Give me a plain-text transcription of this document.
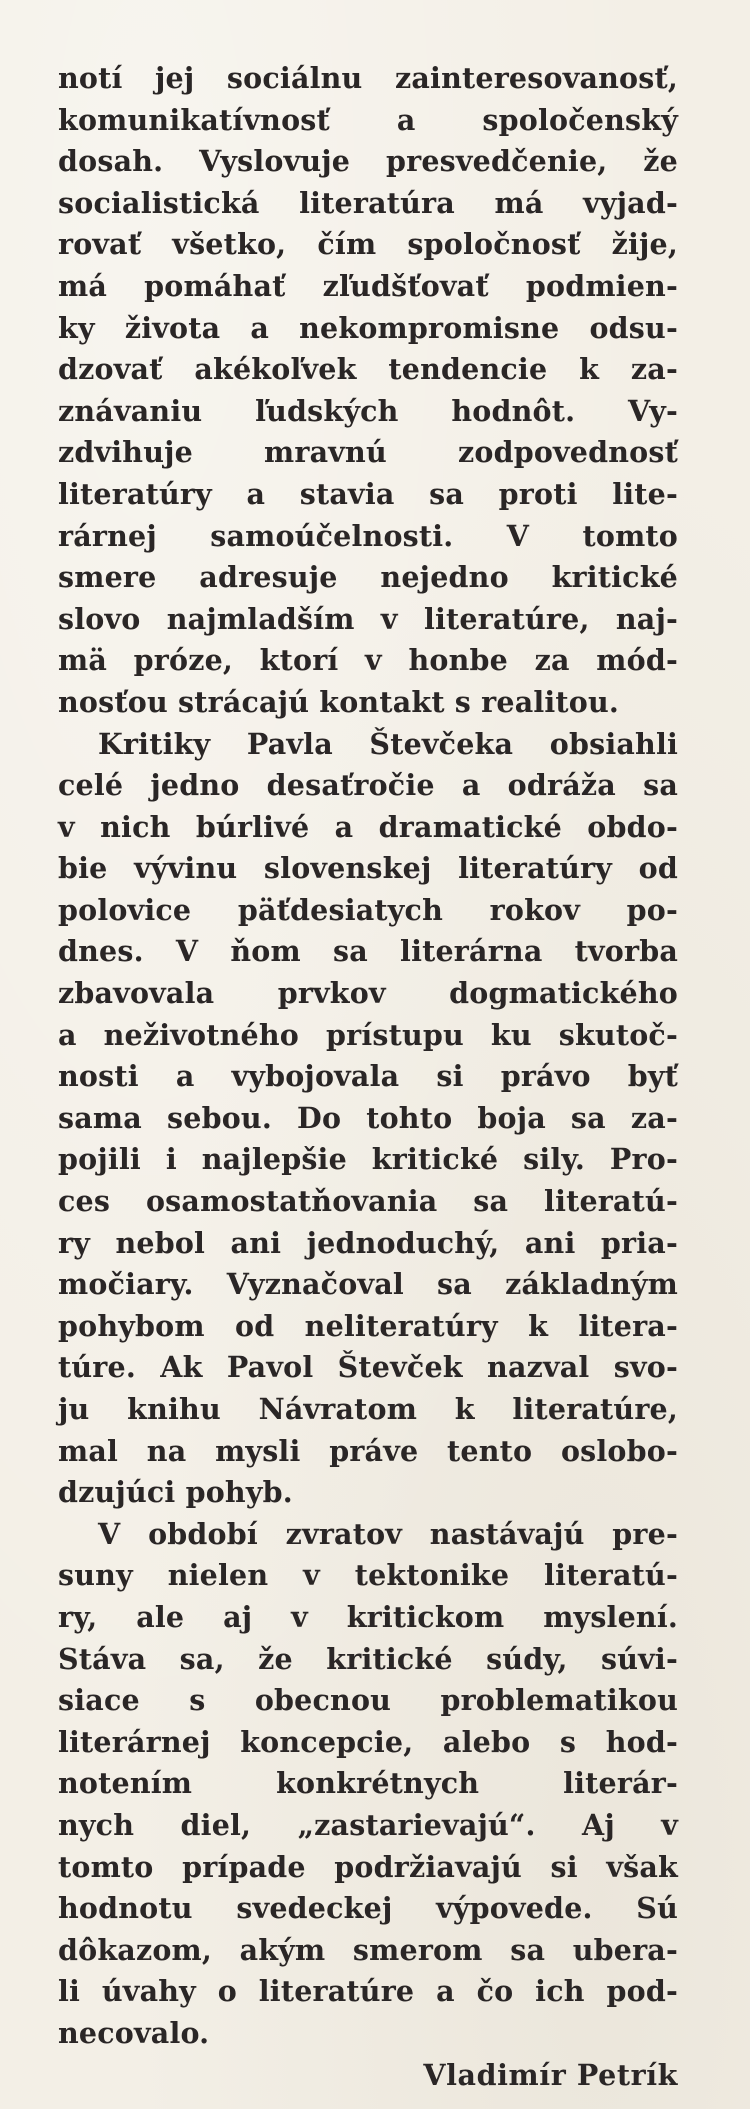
notí jej sociálnu zainteresovanosť,
komunikatívnosť a spoločenský
dosah. Vyslovuje presvedčenie, že
socialistická literatúra má vyjad-
rovať všetko, čím spoločnosť žije,
má pomáhať zľudšťovať podmien-
ky života a nekompromisne odsu-
dzovať akékoľvek tendencie k za-
znávaniu ľudských hodnôt. Vy-
zdvihuje mravnú zodpovednosť
literatúry a stavia sa proti lite-
rárnej samoúčelnosti. V tomto
smere adresuje nejedno kritické
slovo najmladším v literatúre, naj-
mä próze, ktorí v honbe za mód-
nosťou strácajú kontakt s realitou.
Kritiky Pavla Števčeka obsiahli
celé jedno desaťročie a odráža sa
v nich búrlivé a dramatické obdo-
bie vývinu slovenskej literatúry od
polovice päťdesiatych rokov po-
dnes. V ňom sa literárna tvorba
zbavovala prvkov dogmatického
a neživotného prístupu ku skutoč-
nosti a vybojovala si právo byť
sama sebou. Do tohto boja sa za-
pojili i najlepšie kritické sily. Pro-
ces osamostatňovania sa literatú-
ry nebol ani jednoduchý, ani pria-
močiary. Vyznačoval sa základným
pohybom od neliteratúry k litera-
túre. Ak Pavol Števček nazval svo-
ju knihu Návratom k literatúre,
mal na mysli práve tento oslobo-
dzujúci pohyb.
V období zvratov nastávajú pre-
suny nielen v tektonike literatú-
ry, ale aj v kritickom myslení.
Stáva sa, že kritické súdy, súvi-
siace s obecnou problematikou
literárnej koncepcie, alebo s hod-
notením konkrétnych literár-
nych diel, „zastarievajú“. Aj v
tomto prípade podržiavajú si však
hodnotu svedeckej výpovede. Sú
dôkazom, akým smerom sa ubera-
li úvahy o literatúre a čo ich pod-
necovalo.
Vladimír Petrík
